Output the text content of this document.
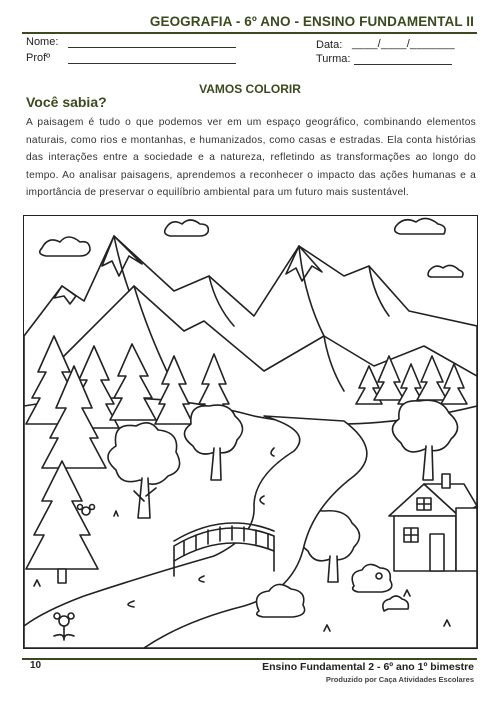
GEOGRAFIA - 6º ANO - ENSINO FUNDAMENTAL II
Nome:
Profº
Data: ____/____/_______
Turma:
VAMOS COLORIR
Você sabia?
A paisagem é tudo o que podemos ver em um espaço geográfico, combinando elementos naturais, como rios e montanhas, e humanizados, como casas e estradas. Ela conta histórias das interações entre a sociedade e a natureza, refletindo as transformações ao longo do tempo. Ao analisar paisagens, aprendemos a reconhecer o impacto das ações humanas e a importância de preservar o equilíbrio ambiental para um futuro mais sustentável.
10	Ensino Fundamental 2 - 6º ano 1º bimestre
Produzido por Caça Atividades Escolares
